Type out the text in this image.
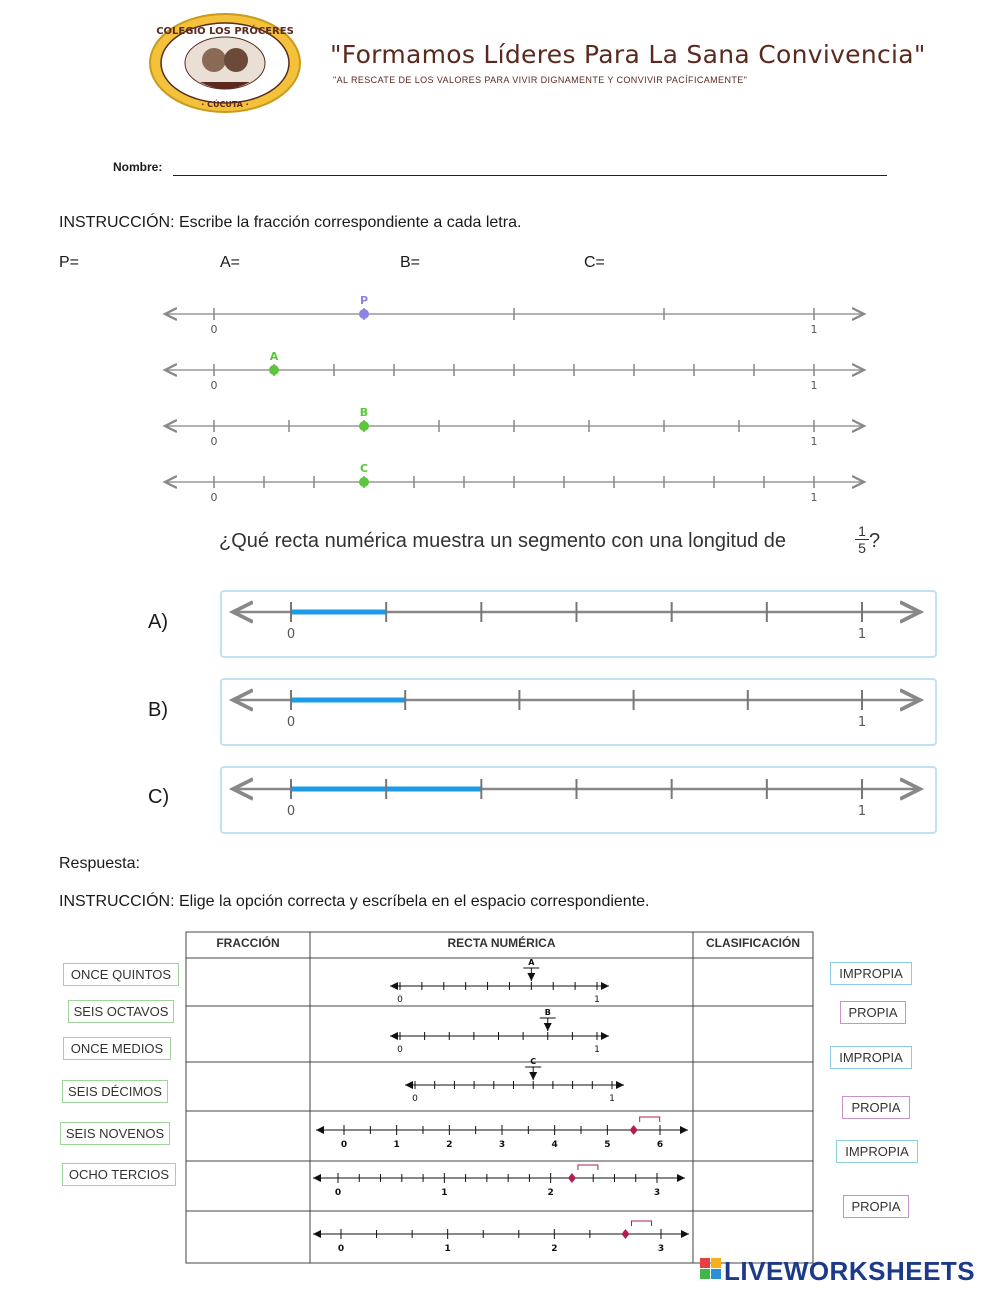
COLEGIO LOS PRÓCERES
· CÚCUTA ·
"Formamos Líderes Para La Sana Convivencia"
"AL RESCATE DE LOS VALORES PARA VIVIR DIGNAMENTE Y CONVIVIR PACÍFICAMENTE"
Nombre:
INSTRUCCIÓN: Escribe la fracción correspondiente a cada letra.
P=	A=	B=	C=
¿Qué recta numérica muestra un segmento con una longitud de	1
5 ?
A)
B)
C)
Respuesta:
INSTRUCCIÓN: Elige la opción correcta y escríbela en el espacio correspondiente.
FRACCIÓN	RECTA NUMÉRICA	CLASIFICACIÓN
ONCE QUINTOS
SEIS OCTAVOS
ONCE MEDIOS
SEIS DÉCIMOS
SEIS NOVENOS
OCHO TERCIOS
IMPROPIA
PROPIA
IMPROPIA
PROPIA
IMPROPIA
PROPIA
0	1
P
0	1
A
0	1
B
0	1
C
0	1
0	1
0	1
0	1
A
0	1
B
0	1
C
0	1	2	3	4	5	6
0	1	2	3
0	1	2	3
LIVEWORKSHEETS
